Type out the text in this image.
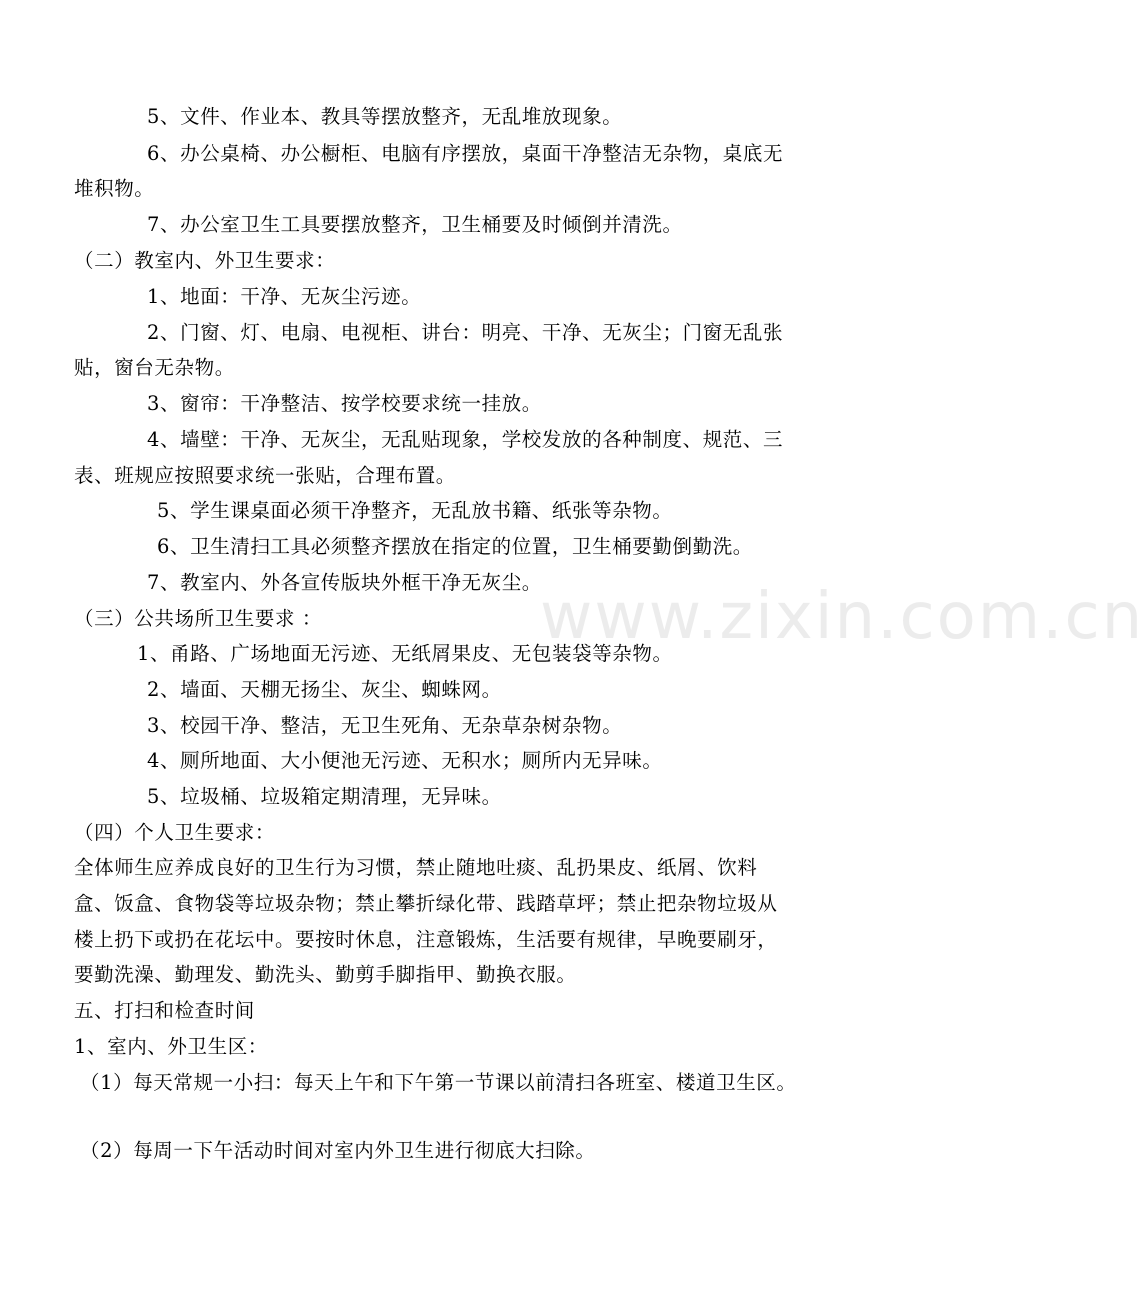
www.zixin.com.cn
5、文件、作业本、教具等摆放整齐，无乱堆放现象。
6、办公桌椅、办公橱柜、电脑有序摆放，桌面干净整洁无杂物，桌底无
堆积物。
7、办公室卫生工具要摆放整齐，卫生桶要及时倾倒并清洗。
（二）教室内、外卫生要求：
1、地面：干净、无灰尘污迹。
2、门窗、灯、电扇、电视柜、讲台：明亮、干净、无灰尘；门窗无乱张
贴，窗台无杂物。
3、窗帘：干净整洁、按学校要求统一挂放。
4、墙壁：干净、无灰尘，无乱贴现象，学校发放的各种制度、规范、三
表、班规应按照要求统一张贴，合理布置。
5、学生课桌面必须干净整齐，无乱放书籍、纸张等杂物。
6、卫生清扫工具必须整齐摆放在指定的位置，卫生桶要勤倒勤洗。
7、教室内、外各宣传版块外框干净无灰尘。
（三）公共场所卫生要求 ：
1、甬路、广场地面无污迹、无纸屑果皮、无包装袋等杂物。
2、墙面、天棚无扬尘、灰尘、蜘蛛网。
3、校园干净、整洁，无卫生死角、无杂草杂树杂物。
4、厕所地面、大小便池无污迹、无积水；厕所内无异味。
5、垃圾桶、垃圾箱定期清理，无异味。
（四）个人卫生要求：
全体师生应养成良好的卫生行为习惯，禁止随地吐痰、乱扔果皮、纸屑、饮料
盒、饭盒、食物袋等垃圾杂物；禁止攀折绿化带、践踏草坪；禁止把杂物垃圾从
楼上扔下或扔在花坛中。要按时休息，注意锻炼，生活要有规律，早晚要刷牙，
要勤洗澡、勤理发、勤洗头、勤剪手脚指甲、勤换衣服。
五、打扫和检查时间
1、室内、外卫生区：
（1）每天常规一小扫：每天上午和下午第一节课以前清扫各班室、楼道卫生区。
（2）每周一下午活动时间对室内外卫生进行彻底大扫除。
